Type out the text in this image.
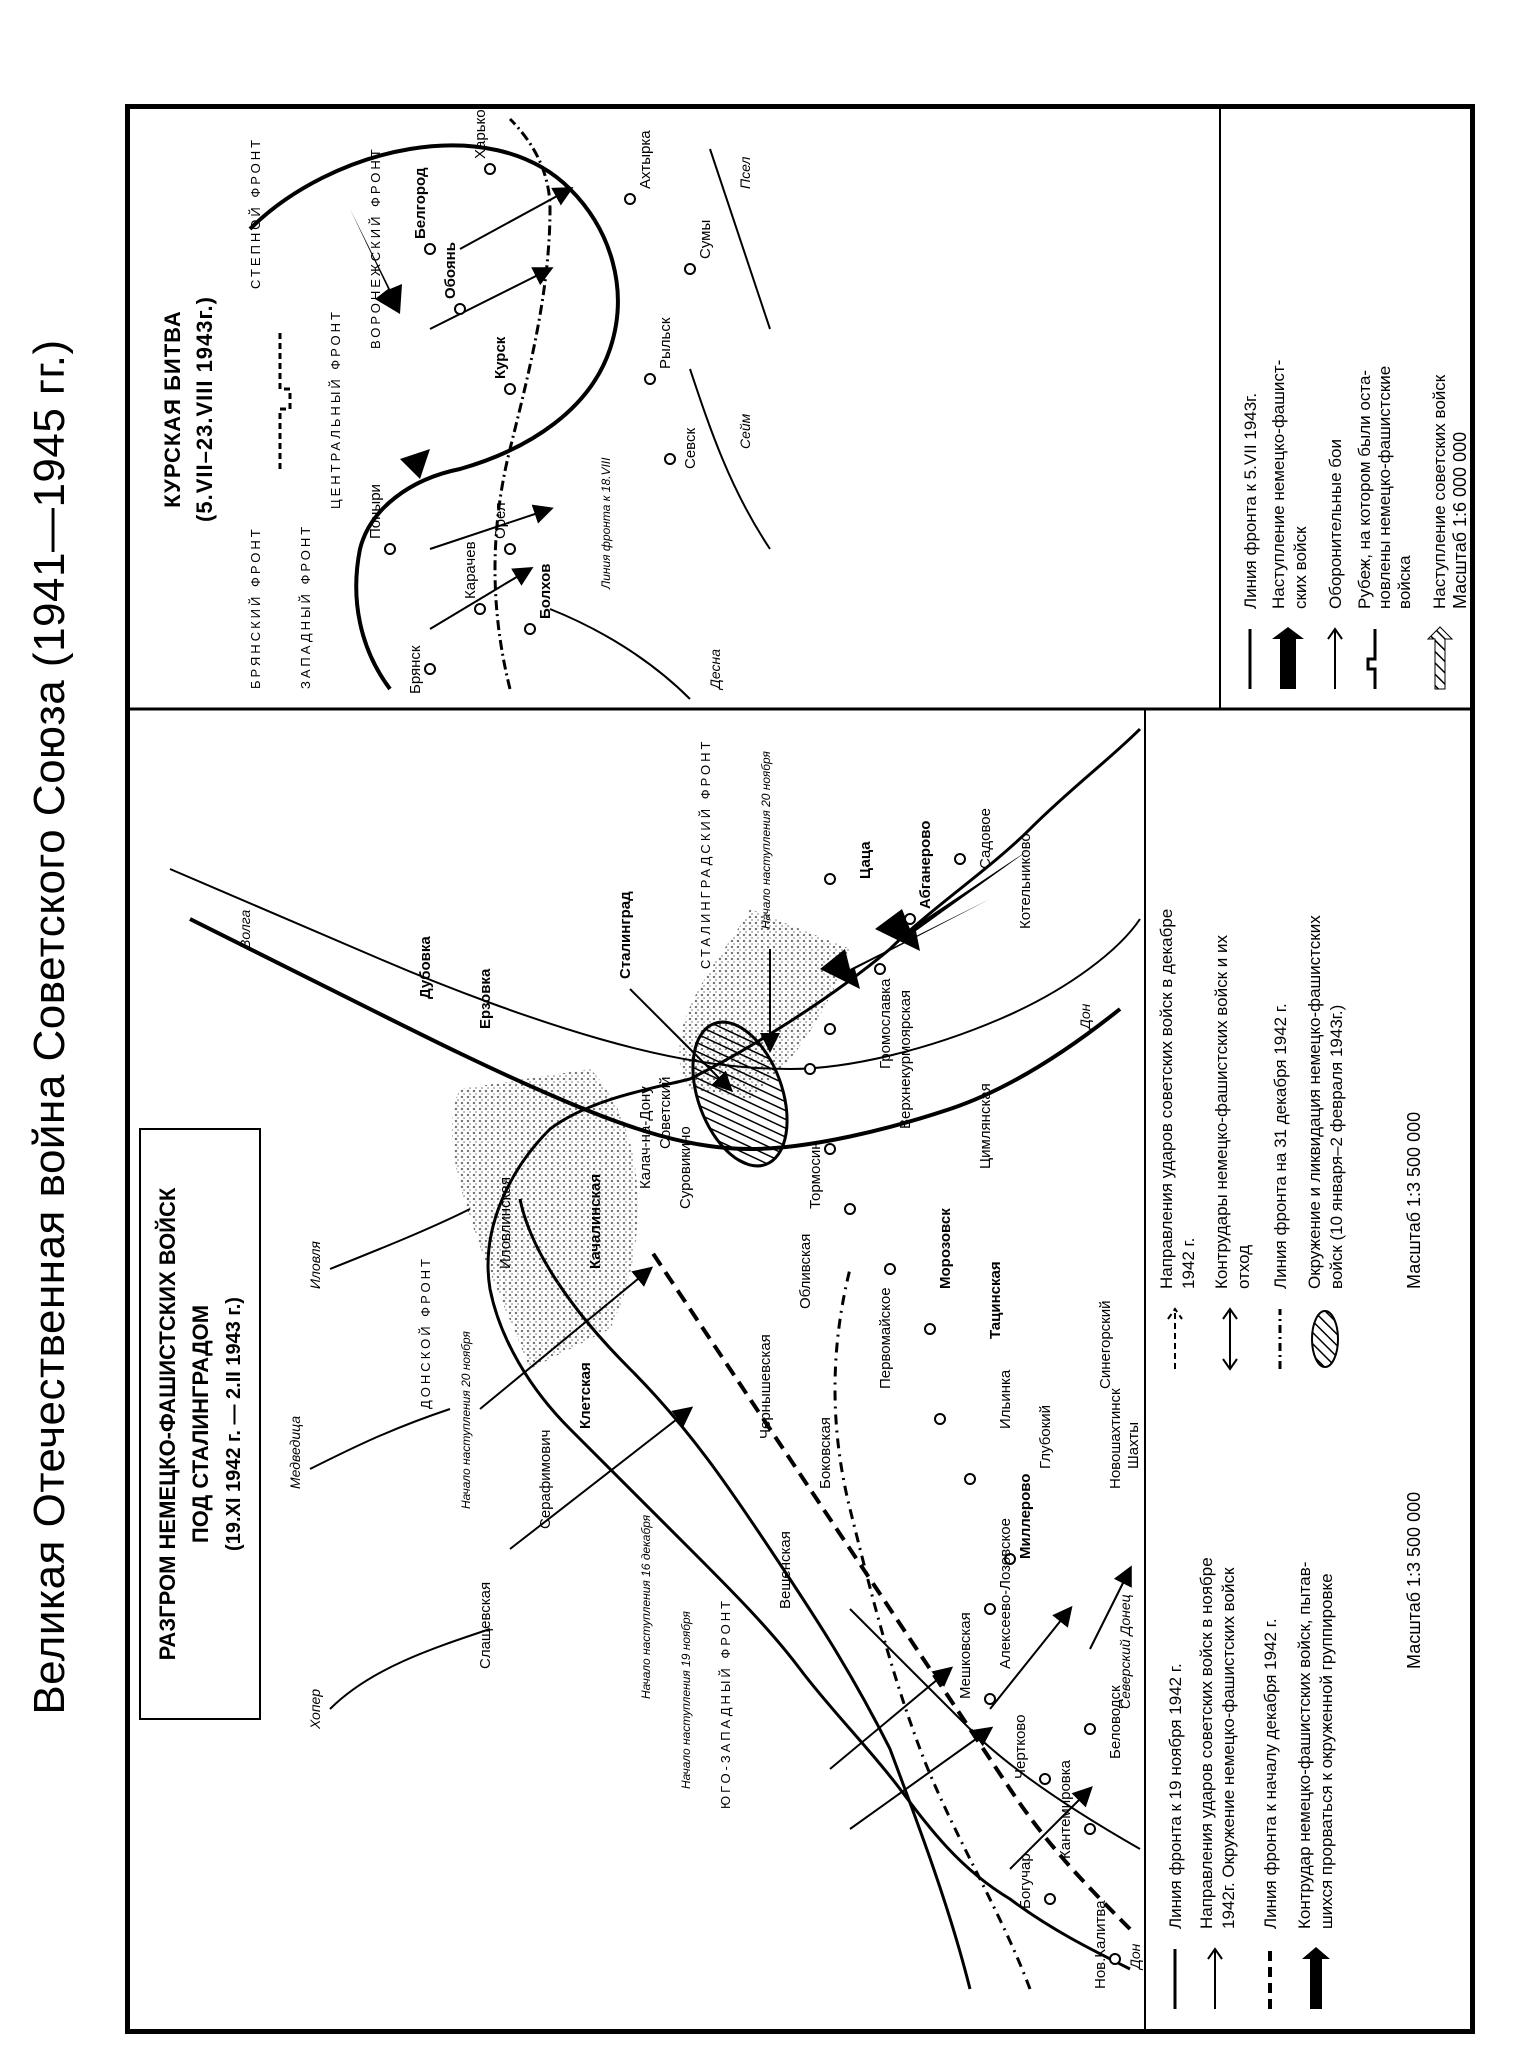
Великая Отечественная война Советского Союза (1941—1945 гг.)	РАЗГРОМ НЕМЕЦКО-ФАШИСТСКИХ ВОЙСК ПОД СТАЛИНГРАДОМ (19.XI 1942 г. — 2.II 1943 г.)
Нов.Калитва
Богучар
Кантемировка
Чертково	Беловодск
Мешковская Алексеево-Лозовское
Миллерово
Новошахтинск Шахты
Синегорский
Глубокий
Ильинка
Тацинская
Морозовск
Первомайское
Боковская
Вешенская
Чернышевская
Обливская
Тормосин
Верхнекурмоярская	Цимлянская
Клетская
Серафимович
Слащевская
Суровикино
Калач-на-Дону Советский
Качалинская
Иловлинская
Громославка
Котельниково
Садовое
Цаца	Абганерово
Дубовка	Ерзовка
Сталинград
Северский Донец
Дон
Хопер
Медведица
Иловля
Волга
Дон
ЮГО-ЗАПАДНЫЙ ФРОНТ
ДОНСКОЙ ФРОНТ
СТАЛИНГРАДСКИЙ ФРОНТ
Начало наступления 19 ноября
Начало наступления 16 декабря
Начало наступления 20 ноября
Начало наступления 20 ноября
Линия фронта к 19 ноября 1942 г. Направления ударов советских войск в ноябре 1942г. Окружение немецко-фашистских войск Линия фронта к началу декабря 1942 г. Контрудар немецко-фашистских войск, пытав- шихся прорваться к окруженной группировке	Масштаб 1:3 500 000
Направления ударов советских войск в декабре 1942 г. Контрудары немецко-фашистских войск и их отход Линия фронта на 31 декабря 1942 г. Окружение и ликвидация немецко-фашистских войск (10 января–2 февраля 1943г.)	Масштаб 1:3 500 000
КУРСКАЯ БИТВА (5.VII–23.VIII 1943г.)
Брянск
Карачев	Болхов
Орел
Поныри
Севск
Рыльск
Курск
Обоянь
Белгород
Сумы
Ахтырка
Харьков
Десна
Сейм
Псел
ЗАПАДНЫЙ ФРОНТ
БРЯНСКИЙ ФРОНТ
ЦЕНТРАЛЬНЫЙ ФРОНТ
ВОРОНЕЖСКИЙ ФРОНТ
СТЕПНОЙ ФРОНТ
Линия фронта к 18.VIII	Линия фронта к 5.VII 1943г. Наступление немецко-фашист- ских войск Оборонительные бои Рубеж, на котором были оста- новлены немецко-фашистские войска Наступление советских войск Масштаб 1:6 000 000
